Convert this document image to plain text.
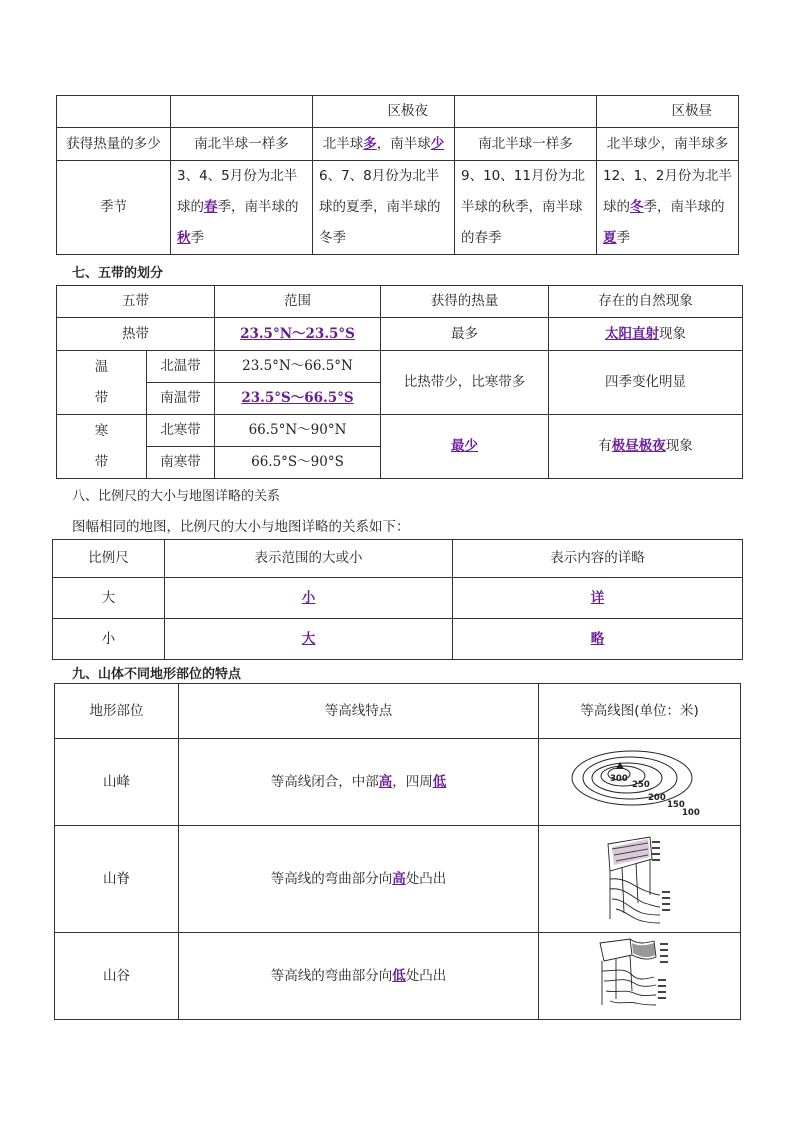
		区极夜		区极昼
获得热量的多少	南北半球一样多	北半球多，南半球少	南北半球一样多	北半球少，南半球多
季节	3、4、5月份为北半球的春季，南半球的秋季	6、7、8月份为北半球的夏季，南半球的冬季	9、10、11月份为北半球的秋季，南半球的春季	12、1、2月份为北半球的冬季，南半球的夏季
七、五带的划分
五带		范围	获得的热量	存在的自然现象
热带		23.5°N～23.5°S	最多	太阳直射现象
温
带	北温带	23.5°N～66.5°N	比热带少，比寒带多	四季变化明显
	南温带	23.5°S～66.5°S		
寒
带	北寒带	66.5°N～90°N	最少	有极昼极夜现象
	南寒带	66.5°S～90°S		
八、比例尺的大小与地图详略的关系
图幅相同的地图，比例尺的大小与地图详略的关系如下：
比例尺	表示范围的大或小	表示内容的详略
大	小	详
小	大	略
九、山体不同地形部位的特点
地形部位	等高线特点	等高线图(单位：米)
山峰	等高线闭合，中部高，四周低	300
250
200
150
100

山脊	等高线的弯曲部分向高处凸出	

山谷	等高线的弯曲部分向低处凸出	
